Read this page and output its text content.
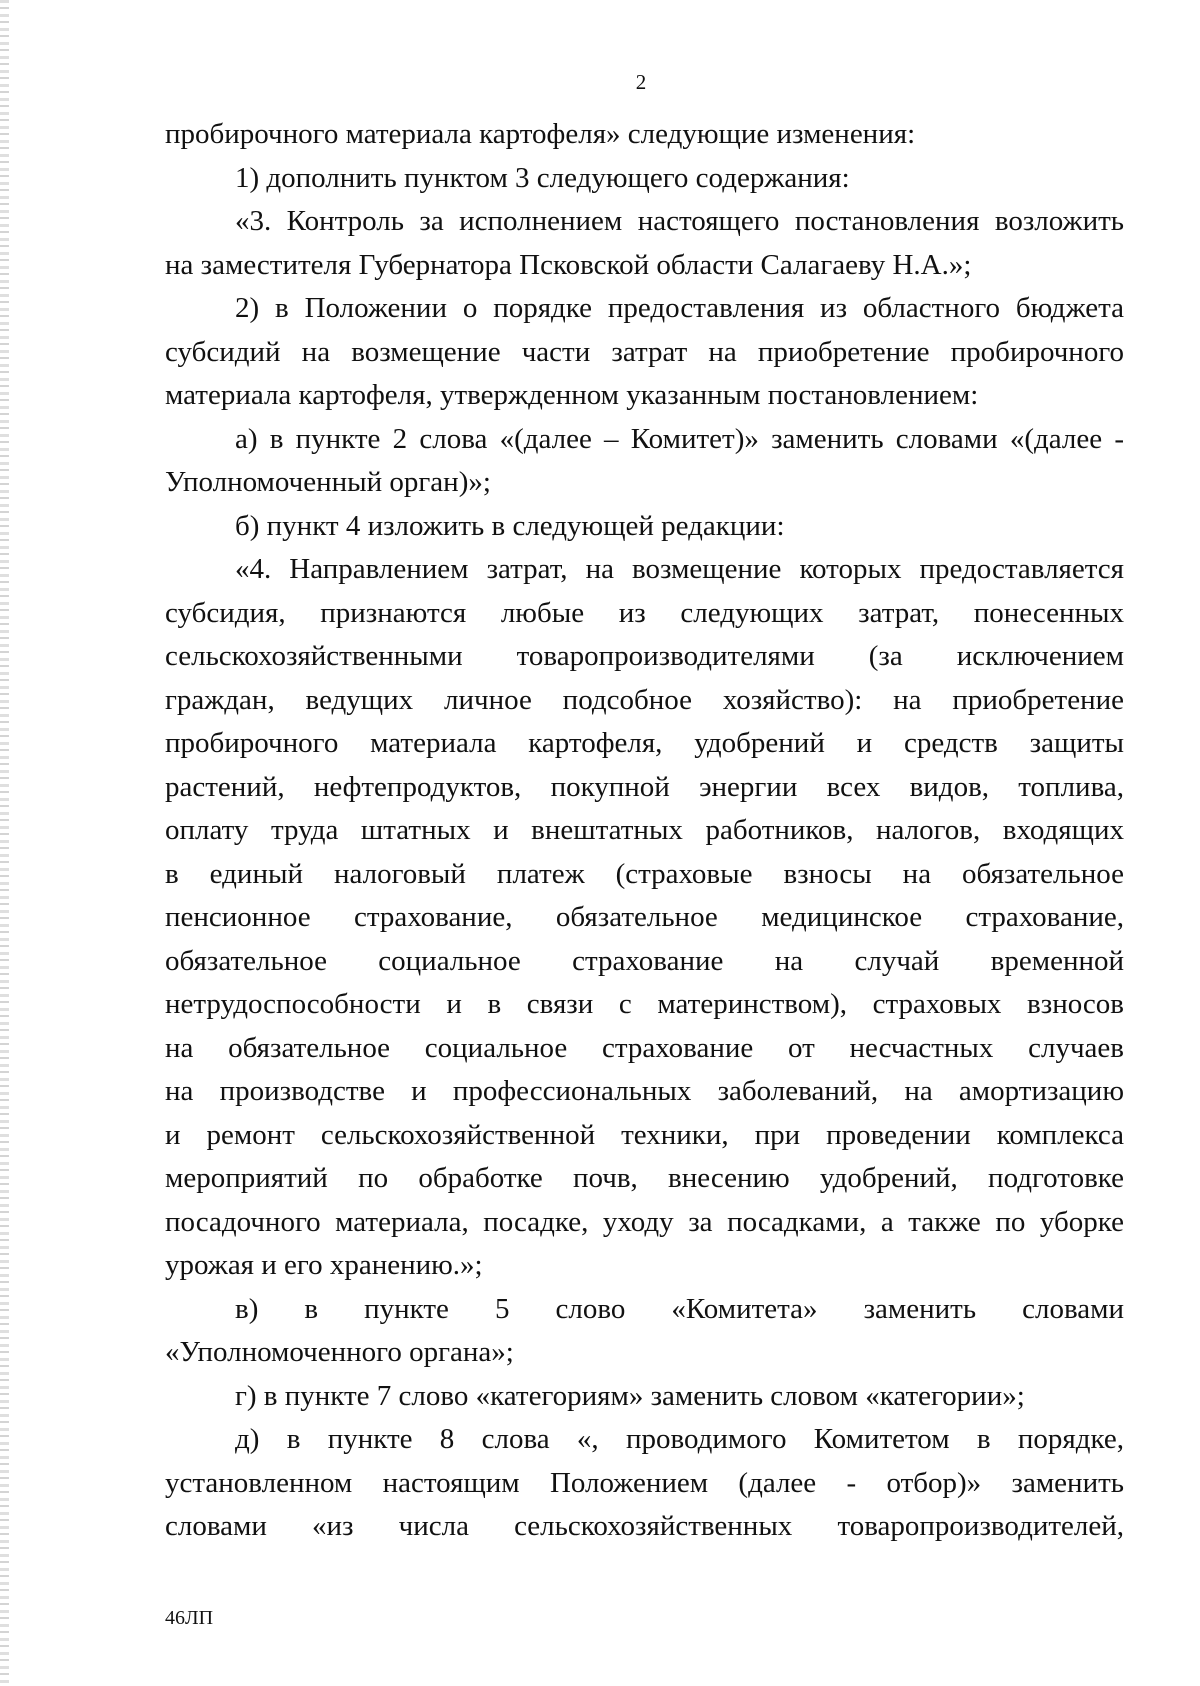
2

пробирочного материала картофеля» следующие изменения:

1) дополнить пунктом 3 следующего содержания:

«3. Контроль за исполнением настоящего постановления возложить

на заместителя Губернатора Псковской области Салагаеву Н.А.»;

2) в Положении о порядке предоставления из областного бюджета

субсидий на возмещение части затрат на приобретение пробирочного

материала картофеля, утвержденном указанным постановлением:

а) в пункте 2 слова «(далее – Комитет)» заменить словами «(далее -

Уполномоченный орган)»;

б) пункт 4 изложить в следующей редакции:

«4. Направлением затрат, на возмещение которых предоставляется

субсидия, признаются любые из следующих затрат, понесенных

сельскохозяйственными товаропроизводителями (за исключением

граждан, ведущих личное подсобное хозяйство): на приобретение

пробирочного материала картофеля, удобрений и средств защиты

растений, нефтепродуктов, покупной энергии всех видов, топлива,

оплату труда штатных и внештатных работников, налогов, входящих

в единый налоговый платеж (страховые взносы на обязательное

пенсионное страхование, обязательное медицинское страхование,

обязательное социальное страхование на случай временной

нетрудоспособности и в связи с материнством), страховых взносов

на обязательное социальное страхование от несчастных случаев

на производстве и профессиональных заболеваний, на амортизацию

и ремонт сельскохозяйственной техники, при проведении комплекса

мероприятий по обработке почв, внесению удобрений, подготовке

посадочного материала, посадке, уходу за посадками, а также по уборке

урожая и его хранению.»;

в) в пункте 5 слово «Комитета» заменить словами

«Уполномоченного органа»;

г) в пункте 7 слово «категориям» заменить словом «категории»;

д) в пункте 8 слова «, проводимого Комитетом в порядке,

установленном настоящим Положением (далее - отбор)» заменить

словами «из числа сельскохозяйственных товаропроизводителей,

46ЛП
